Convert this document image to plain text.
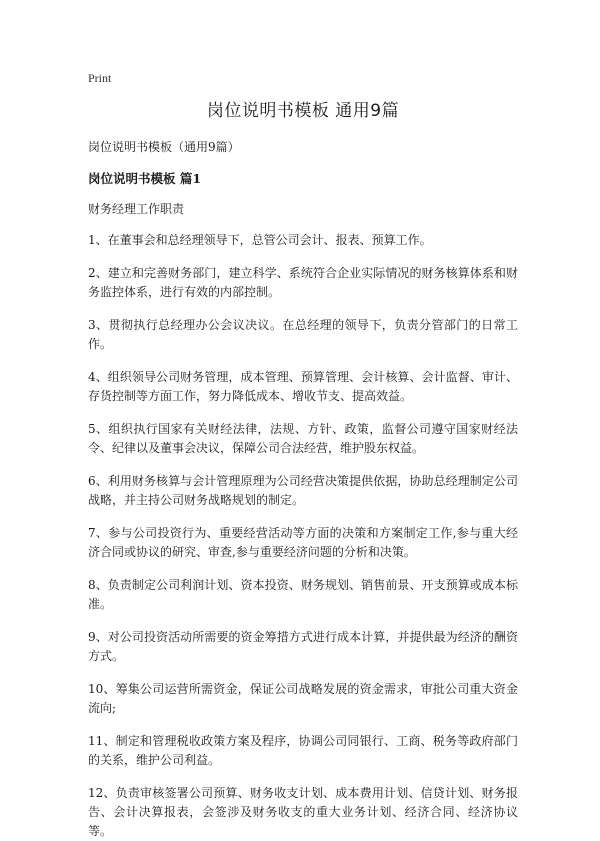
Print
岗位说明书模板 通用9篇
岗位说明书模板（通用9篇）
岗位说明书模板 篇1
财务经理工作职责
1、在董事会和总经理领导下，总管公司会计、报表、预算工作。
2、建立和完善财务部门，建立科学、系统符合企业实际情况的财务核算体系和财务监控体系，进行有效的内部控制。
3、贯彻执行总经理办公会议决议。在总经理的领导下，负责分管部门的日常工作。
4、组织领导公司财务管理，成本管理、预算管理、会计核算、会计监督、审计、存货控制等方面工作，努力降低成本、增收节支、提高效益。
5、组织执行国家有关财经法律，法规、方针、政策，监督公司遵守国家财经法令、纪律以及董事会决议，保障公司合法经营，维护股东权益。
6、利用财务核算与会计管理原理为公司经营决策提供依据，协助总经理制定公司战略，并主持公司财务战略规划的制定。
7、参与公司投资行为、重要经营活动等方面的决策和方案制定工作,参与重大经济合同或协议的研究、审查,参与重要经济问题的分析和决策。
8、负责制定公司利润计划、资本投资、财务规划、销售前景、开支预算或成本标准。
9、对公司投资活动所需要的资金筹措方式进行成本计算，并提供最为经济的酬资方式。
10、筹集公司运营所需资金，保证公司战略发展的资金需求，审批公司重大资金流向;
11、制定和管理税收政策方案及程序，协调公司同银行、工商、税务等政府部门的关系，维护公司利益。
12、负责审核签署公司预算、财务收支计划、成本费用计划、信贷计划、财务报告、会计决算报表，会签涉及财务收支的重大业务计划、经济合同、经济协议等。
